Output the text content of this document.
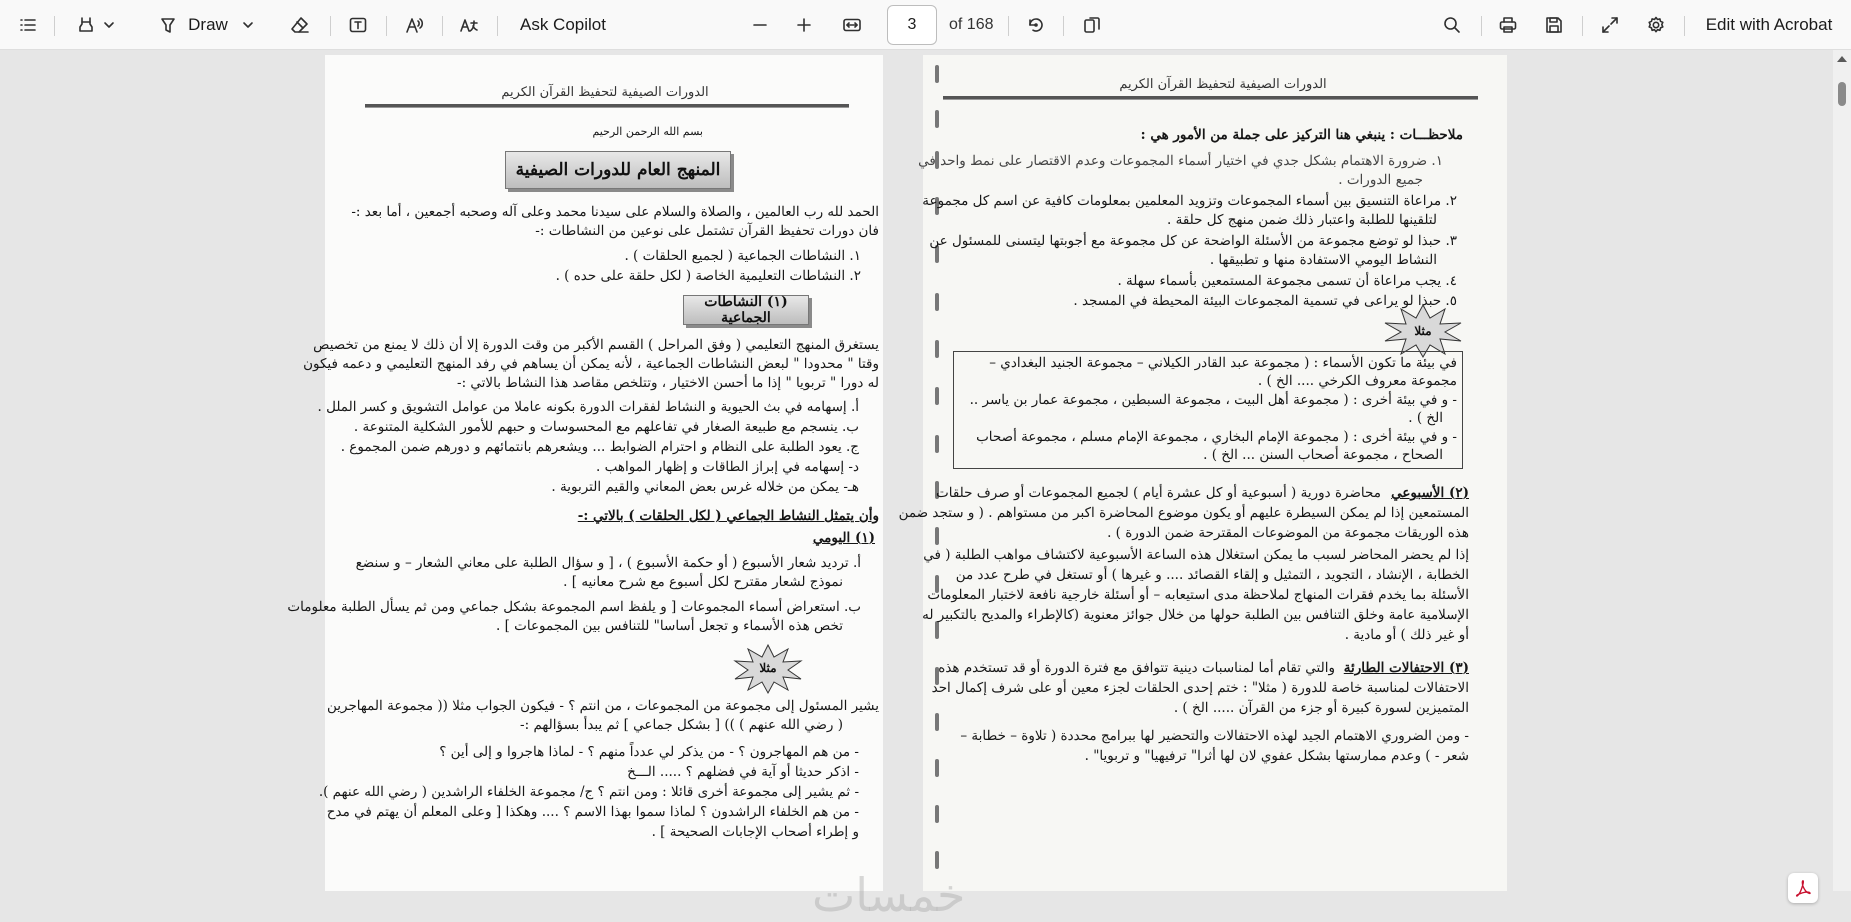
Draw	Ask Copilot	3 of 168	Edit with Acrobat
الدورات الصيفية لتحفيظ القرآن الكريم
بسم الله الرحمن الرحيم
المنهج العام للدورات الصيفية
الحمد لله رب العالمين ، والصلاة والسلام على سيدنا محمد وعلى آله وصحبه أجمعين ، أما بعد :-
فان دورات تحفيظ القرآن تشتمل على نوعين من النشاطات :-
١. النشاطات الجماعية ( لجميع الحلقات ) .
٢. النشاطات التعليمية الخاصة ( لكل حلقة على حده ) .
(١) النشاطات الجماعية
يستغرق المنهج التعليمي ( وفق المراحل ) القسم الأكبر من وقت الدورة إلا أن ذلك لا يمنع من تخصيص
وقتا " محدودا " لبعض النشاطات الجماعية ، لأنه يمكن أن يساهم في رفد المنهج التعليمي و دعمه فيكون
له دورا " تربويا " إذا ما أحسن الاختيار ، وتتلخص مقاصد هذا النشاط بالاتي :-
أ. إسهامه في بث الحيوية و النشاط لفقرات الدورة بكونه عاملا من عوامل التشويق و كسر الملل .
ب. ينسجم مع طبيعة الصغار في تفاعلهم مع المحسوسات و حبهم للأمور الشكلية المتنوعة .
ج. يعود الطلبة على النظام و احترام الضوابط ... ويشعرهم بانتمائهم و دورهم ضمن المجموع .
د- إسهامه في إبراز الطاقات و إظهار المواهب .
هـ- يمكن من خلاله غرس بعض المعاني والقيم التربوية .
وأن يتمثل النشاط الجماعي ( لكل الحلقات ) بالاتي :-
(١) اليومي
أ. ترديد شعار الأسبوع ( أو حكمة الأسبوع ) ، [ و سؤال الطلبة على معاني الشعار – و سنضع
نموذج لشعار مقترح لكل أسبوع مع شرح معانيه ] .
ب. استعراض أسماء المجموعات [ و يلفظ اسم المجموعة بشكل جماعي ومن ثم يسأل الطلبة معلومات
تخص هذه الأسماء و تجعل أساسا" للتنافس بين المجموعات ] .
مثلا
يشير المسئول إلى مجموعة من المجموعات ، من انتم ؟ - فيكون الجواب مثلا (( مجموعة المهاجرين
( رضي الله عنهم ) )) [ بشكل جماعي ] ثم يبدأ بسؤالهم :-
- من هم المهاجرون ؟ - من يذكر لي عدداً منهم ؟ - لماذا هاجروا و إلى أين ؟
- اذكر حديثا أو آية في فضلهم ؟ ..... الـــخ
- ثم يشير إلى مجموعة أخرى قائلا : ومن انتم ؟ ج/ مجموعة الخلفاء الراشدين ( رضي الله عنهم ).
- من هم الخلفاء الراشدون ؟ لماذا سموا بهذا الاسم ؟ .... وهكذا [ وعلى المعلم أن يهتم في مدح
و إطراء أصحاب الإجابات الصحيحة ] .
الدورات الصيفية لتحفيظ القرآن الكريم
ملاحظـــات : ينبغي هنا التركيز على جملة من الأمور هي :
١. ضرورة الاهتمام بشكل جدي في اختيار أسماء المجموعات وعدم الاقتصار على نمط واحد في
جميع الدورات .
٢. مراعاة التنسيق بين أسماء المجموعات وتزويد المعلمين بمعلومات كافية عن اسم كل مجموعة
لتلقينها للطلبة واعتبار ذلك ضمن منهج كل حلقة .
٣. حبذا لو توضع مجموعة من الأسئلة الواضحة عن كل مجموعة مع أجوبتها ليتسنى للمسئول عن
النشاط اليومي الاستفادة منها و تطبيقها .
٤. يجب مراعاة أن تسمى مجموعة المستمعين بأسماء سهلة .
٥. حبذا لو يراعى في تسمية المجموعات البيئة المحيطة في المسجد .
مثلا
في بيئة ما تكون الأسماء : ( مجموعة عبد القادر الكيلاني – مجموعة الجنيد البغدادي –
مجموعة معروف الكرخي .... الخ ) .
- و في بيئة أخرى : ( مجموعة أهل البيت ، مجموعة السبطين ، مجموعة عمار بن ياسر ..
الخ ) .
- و في بيئة أخرى : ( مجموعة الإمام البخاري ، مجموعة الإمام مسلم ، مجموعة أصحاب
الصحاح ، مجموعة أصحاب السنن ... الخ ) .
(٢) الأسبوعي
محاضرة دورية ( أسبوعية أو كل عشرة أيام ) لجميع المجموعات أو صرف حلقات
المستمعين إذا لم يمكن السيطرة عليهم أو يكون موضوع المحاضرة اكبر من مستواهم . ( و ستجد ضمن
هذه الوريقات مجموعة من الموضوعات المقترحة ضمن الدورة ) .
إذا لم يحضر المحاضر لسبب ما يمكن استغلال هذه الساعة الأسبوعية لاكتشاف مواهب الطلبة ( في
الخطابة ، الإنشاد ، التجويد ، التمثيل و إلقاء القصائد .... و غيرها ) أو تستغل في طرح عدد من
الأسئلة بما يخدم فقرات المنهاج لملاحظة مدى استيعابه – أو أسئلة خارجية نافعة لاختبار المعلومات
الإسلامية عامة وخلق التنافس بين الطلبة حولها من خلال جوائز معنوية (كالإطراء والمديح بالتكبير له
أو غير ذلك ) أو مادية .
(٣) الاحتفالات الطارئة
والتي تقام أما لمناسبات دينية تتوافق مع فترة الدورة أو قد تستخدم هذه
الاحتفالات لمناسبة خاصة للدورة ( مثلا" : ختم إحدى الحلقات لجزء معين أو على شرف إكمال احد
المتميزين لسورة كبيرة أو جزء من القرآن ..... الخ ) .
- ومن الضروري الاهتمام الجيد لهذه الاحتفالات والتحضير لها ببرامج محددة ( تلاوة – خطابة –
شعر - ) وعدم ممارستها بشكل عفوي لان لها أثرا" ترفيهيا" و تربويا" .
خمسات
